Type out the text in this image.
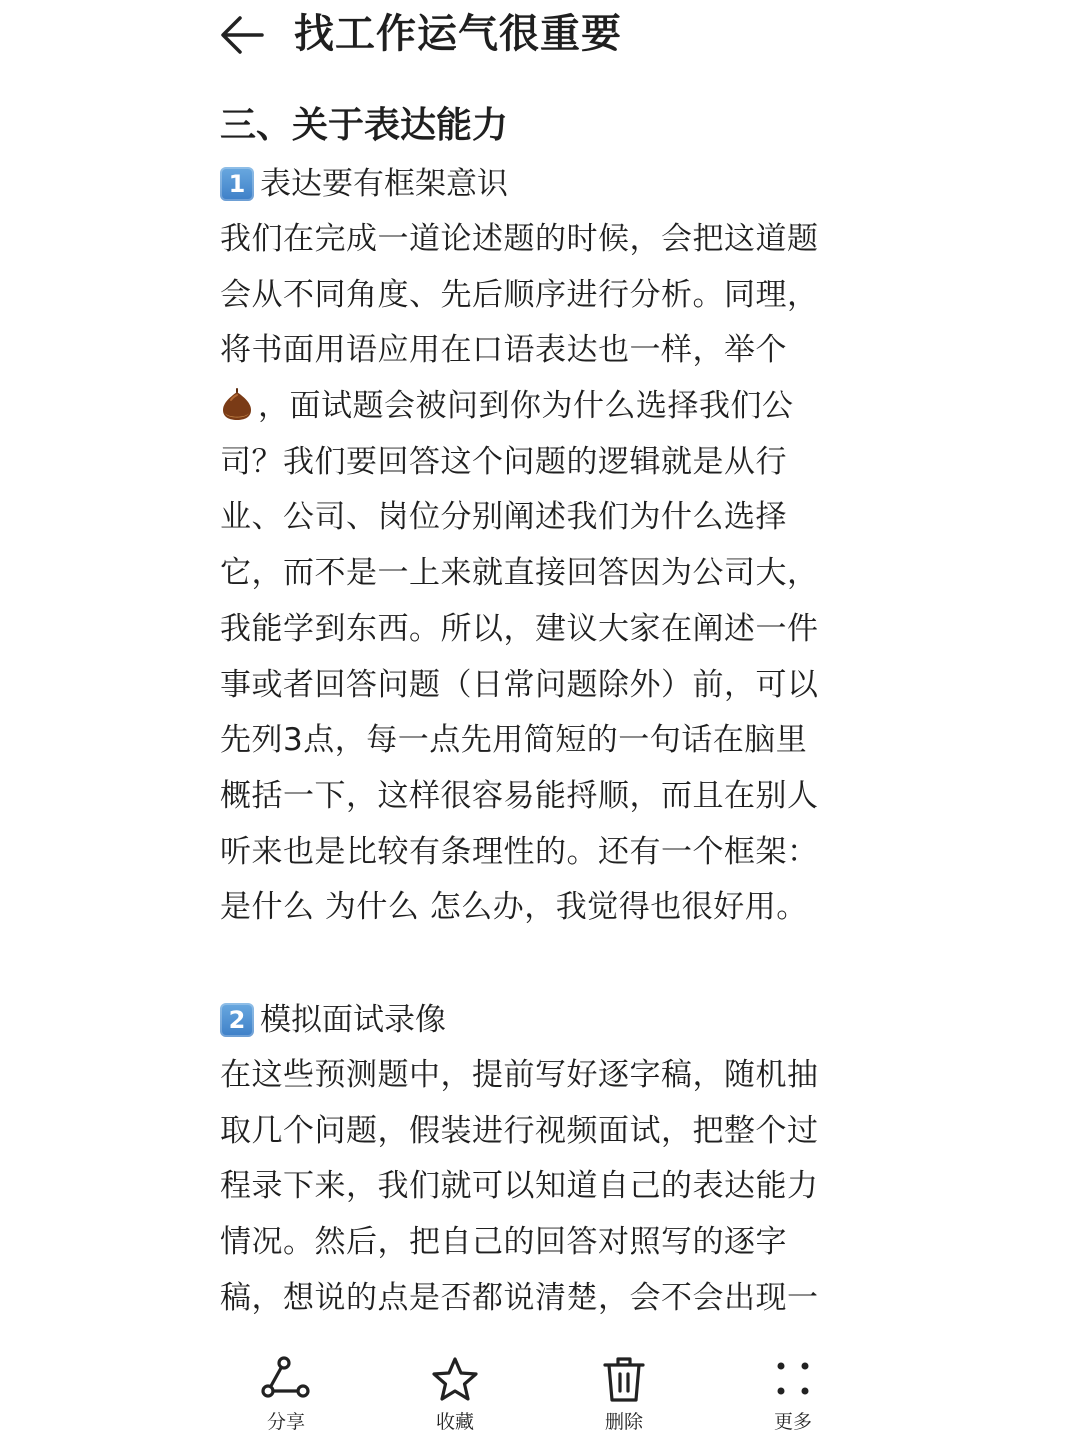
找工作运气很重要
三、关于表达能力
1 表达要有框架意识
我们在完成一道论述题的时候，会把这道题
会从不同角度、先后顺序进行分析。同理，
将书面用语应用在口语表达也一样，举个
，面试题会被问到你为什么选择我们公
司？我们要回答这个问题的逻辑就是从行
业、公司、岗位分别阐述我们为什么选择
它，而不是一上来就直接回答因为公司大，
我能学到东西。所以，建议大家在阐述一件
事或者回答问题（日常问题除外）前，可以
先列3点，每一点先用简短的一句话在脑里
概括一下，这样很容易能捋顺，而且在别人
听来也是比较有条理性的。还有一个框架：
是什么 为什么 怎么办，我觉得也很好用。
2 模拟面试录像
在这些预测题中，提前写好逐字稿，随机抽
取几个问题，假装进行视频面试，把整个过
程录下来，我们就可以知道自己的表达能力
情况。然后，把自己的回答对照写的逐字
稿，想说的点是否都说清楚，会不会出现一
分享	收藏	删除	更多
